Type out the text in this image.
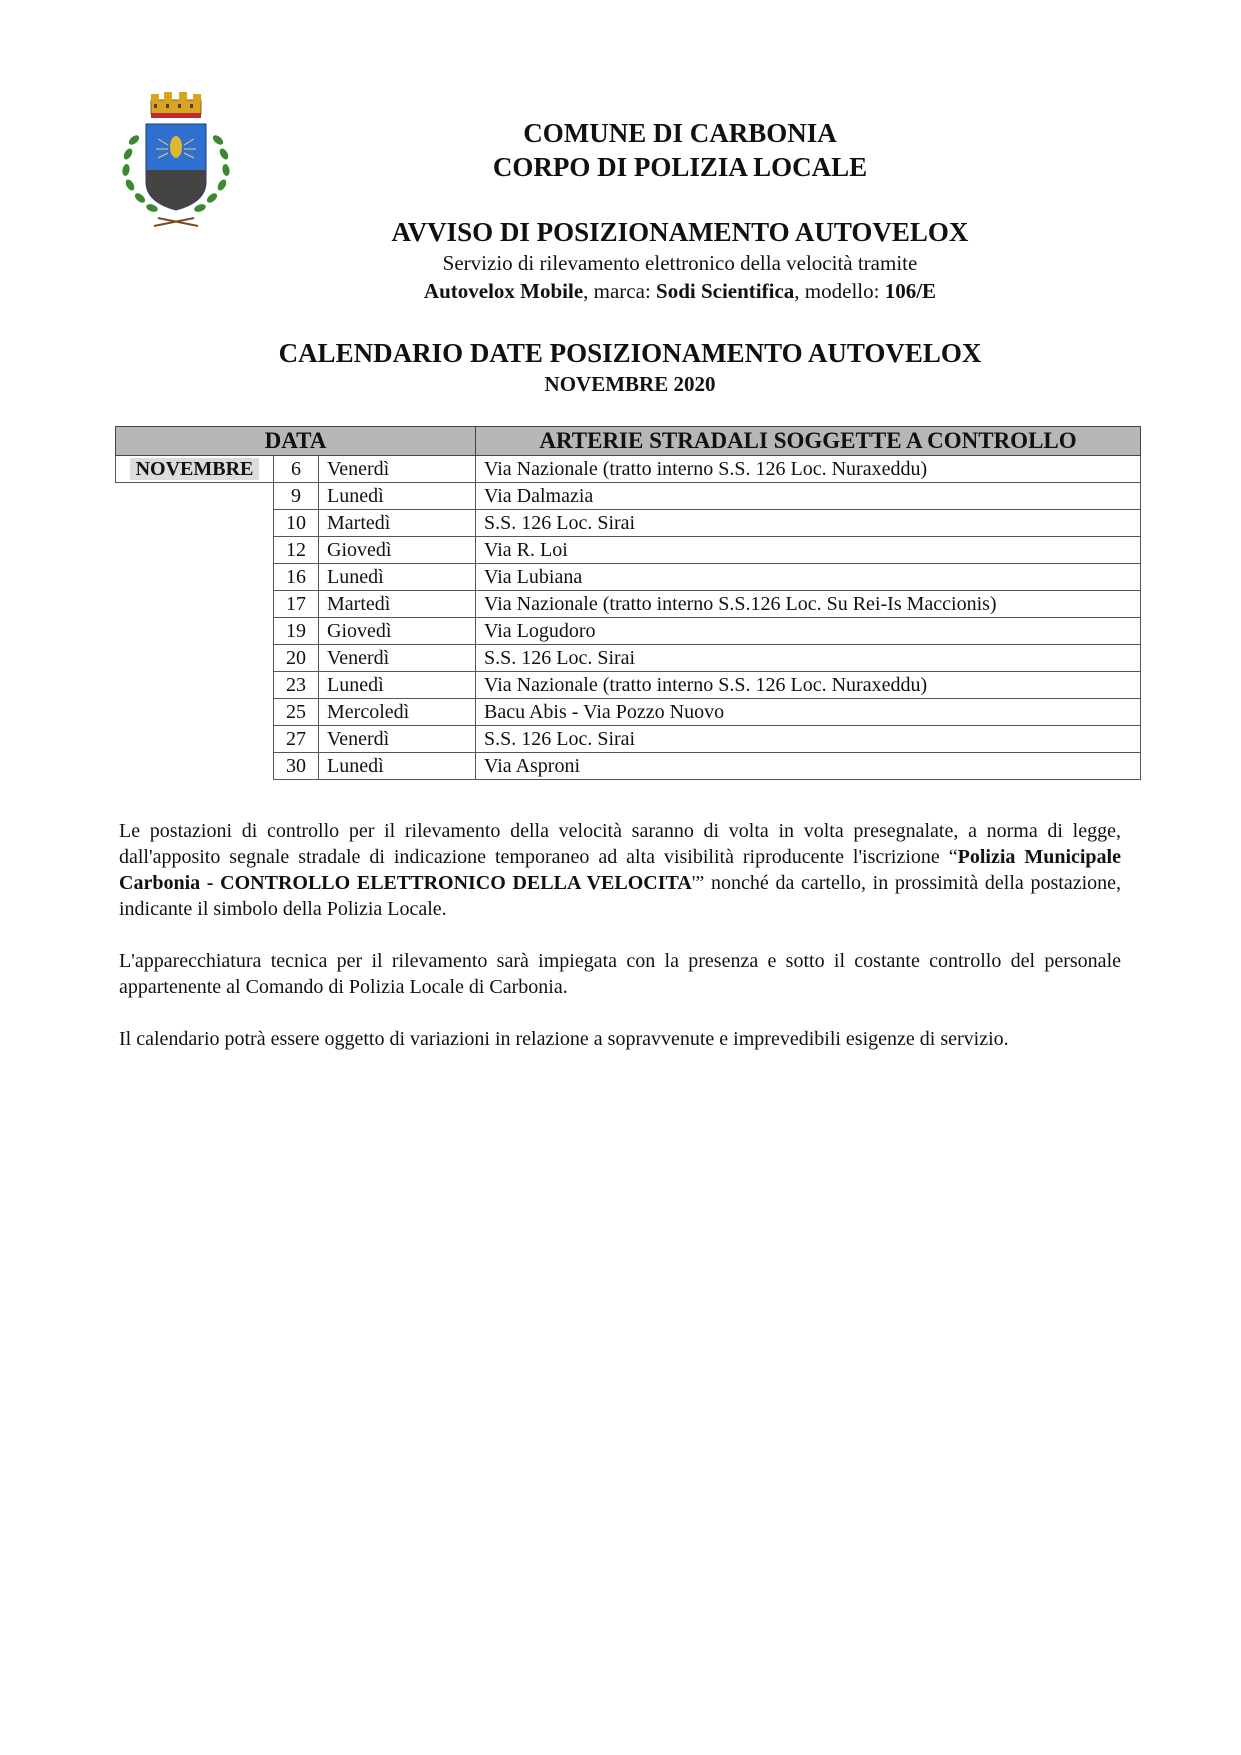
COMUNE DI CARBONIA
CORPO DI POLIZIA LOCALE
AVVISO DI POSIZIONAMENTO AUTOVELOX
Servizio di rilevamento elettronico della velocità tramite
Autovelox Mobile, marca: Sodi Scientifica, modello: 106/E
CALENDARIO DATE POSIZIONAMENTO AUTOVELOX
NOVEMBRE 2020
DATA			ARTERIE STRADALI SOGGETTE A CONTROLLO
NOVEMBRE	6	Venerdì	Via Nazionale (tratto interno S.S. 126 Loc. Nuraxeddu)
	9	Lunedì	Via Dalmazia
	10	Martedì	S.S. 126 Loc. Sirai
	12	Giovedì	Via R. Loi
	16	Lunedì	Via Lubiana
	17	Martedì	Via Nazionale (tratto interno S.S.126 Loc. Su Rei-Is Maccionis)
	19	Giovedì	Via Logudoro
	20	Venerdì	S.S. 126 Loc. Sirai
	23	Lunedì	Via Nazionale (tratto interno S.S. 126 Loc. Nuraxeddu)
	25	Mercoledì	Bacu Abis - Via Pozzo Nuovo
	27	Venerdì	S.S. 126 Loc. Sirai
	30	Lunedì	Via Asproni
Le postazioni di controllo per il rilevamento della velocità saranno di volta in volta presegnalate, a norma di legge, dall'apposito segnale stradale di indicazione temporaneo ad alta visibilità riproducente l'iscrizione “Polizia Municipale Carbonia - CONTROLLO ELETTRONICO DELLA VELOCITA'” nonché da cartello, in prossimità della postazione, indicante il simbolo della Polizia Locale.
L'apparecchiatura tecnica per il rilevamento sarà impiegata con la presenza e sotto il costante controllo del personale appartenente al Comando di Polizia Locale di Carbonia.
Il calendario potrà essere oggetto di variazioni in relazione a sopravvenute e imprevedibili esigenze di servizio.
